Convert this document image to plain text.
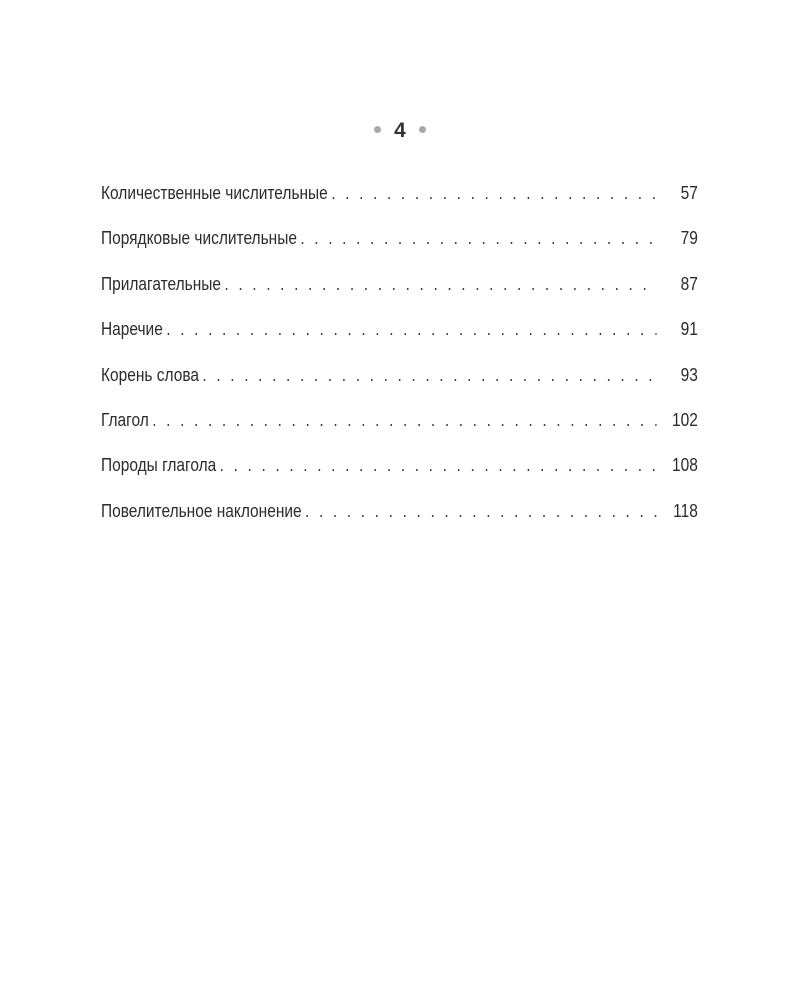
4
Количественные числительные . . .	57
Порядковые числительные . . .	79
Прилагательные . . .	87
Наречие . . .	91
Корень слова . . .	93
Глагол . . .	102
Породы глагола . . .	108
Повелительное наклонение . . .	118
